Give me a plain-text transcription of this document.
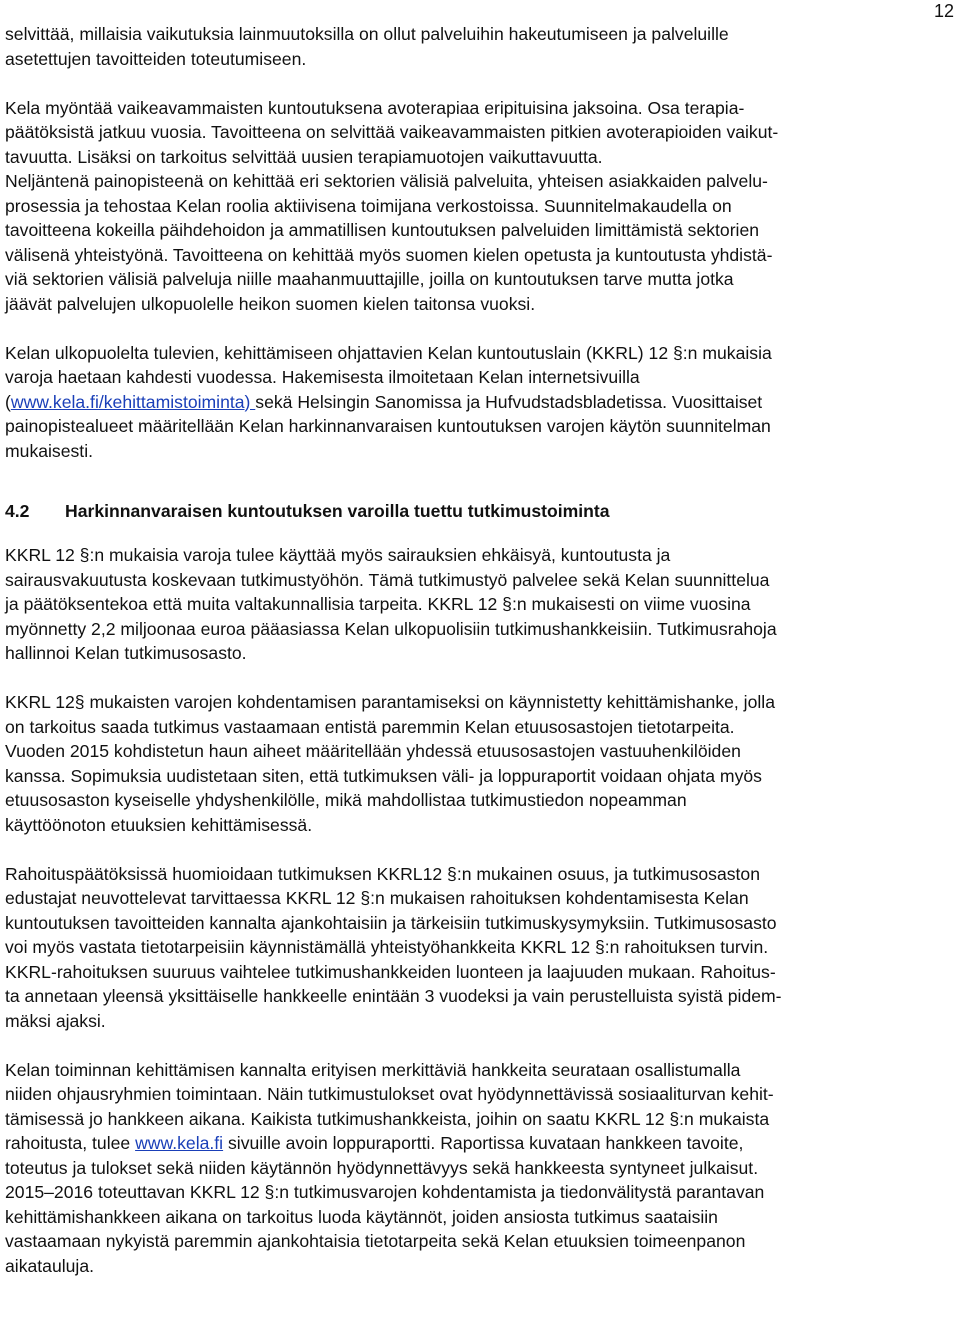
12

selvittää, millaisia vaikutuksia lainmuutoksilla on ollut palveluihin hakeutumiseen ja palveluille
asetettujen tavoitteiden toteutumiseen.

Kela myöntää vaikeavammaisten kuntoutuksena avoterapiaa eripituisina jaksoina. Osa terapia-
päätöksistä jatkuu vuosia. Tavoitteena on selvittää vaikeavammaisten pitkien avoterapioiden vaikut-
tavuutta. Lisäksi on tarkoitus selvittää uusien terapiamuotojen vaikuttavuutta.
Neljäntenä painopisteenä on kehittää eri sektorien välisiä palveluita, yhteisen asiakkaiden palvelu-
prosessia ja tehostaa Kelan roolia aktiivisena toimijana verkostoissa. Suunnitelmakaudella on
tavoitteena kokeilla päihdehoidon ja ammatillisen kuntoutuksen palveluiden limittämistä sektorien
välisenä yhteistyönä. Tavoitteena on kehittää myös suomen kielen opetusta ja kuntoutusta yhdistä-
viä sektorien välisiä palveluja niille maahanmuuttajille, joilla on kuntoutuksen tarve mutta jotka
jäävät palvelujen ulkopuolelle heikon suomen kielen taitonsa vuoksi.

Kelan ulkopuolelta tulevien, kehittämiseen ohjattavien Kelan kuntoutuslain (KKRL) 12 §:n mukaisia
varoja haetaan kahdesti vuodessa. Hakemisesta ilmoitetaan Kelan internetsivuilla
(www.kela.fi/kehittamistoiminta) sekä Helsingin Sanomissa ja Hufvudstadsbladetissa. Vuosittaiset
painopistealueet määritellään Kelan harkinnanvaraisen kuntoutuksen varojen käytön suunnitelman
mukaisesti.

4.2	Harkinnanvaraisen kuntoutuksen varoilla tuettu tutkimustoiminta

KKRL 12 §:n mukaisia varoja tulee käyttää myös sairauksien ehkäisyä, kuntoutusta ja
sairausvakuutusta koskevaan tutkimustyöhön. Tämä tutkimustyö palvelee sekä Kelan suunnittelua
ja päätöksentekoa että muita valtakunnallisia tarpeita. KKRL 12 §:n mukaisesti on viime vuosina
myönnetty 2,2 miljoonaa euroa pääasiassa Kelan ulkopuolisiin tutkimushankkeisiin. Tutkimusrahoja
hallinnoi Kelan tutkimusosasto.

KKRL 12§ mukaisten varojen kohdentamisen parantamiseksi on käynnistetty kehittämishanke, jolla
on tarkoitus saada tutkimus vastaamaan entistä paremmin Kelan etuusosastojen tietotarpeita.
Vuoden 2015 kohdistetun haun aiheet määritellään yhdessä etuusosastojen vastuuhenkilöiden
kanssa. Sopimuksia uudistetaan siten, että tutkimuksen väli- ja loppuraportit voidaan ohjata myös
etuusosaston kyseiselle yhdyshenkilölle, mikä mahdollistaa tutkimustiedon nopeamman
käyttöönoton etuuksien kehittämisessä.

Rahoituspäätöksissä huomioidaan tutkimuksen KKRL12 §:n mukainen osuus, ja tutkimusosaston
edustajat neuvottelevat tarvittaessa KKRL 12 §:n mukaisen rahoituksen kohdentamisesta Kelan
kuntoutuksen tavoitteiden kannalta ajankohtaisiin ja tärkeisiin tutkimuskysymyksiin. Tutkimusosasto
voi myös vastata tietotarpeisiin käynnistämällä yhteistyöhankkeita KKRL 12 §:n rahoituksen turvin.
KKRL-rahoituksen suuruus vaihtelee tutkimushankkeiden luonteen ja laajuuden mukaan. Rahoitus-
ta annetaan yleensä yksittäiselle hankkeelle enintään 3 vuodeksi ja vain perustelluista syistä pidem-
mäksi ajaksi.

Kelan toiminnan kehittämisen kannalta erityisen merkittäviä hankkeita seurataan osallistumalla
niiden ohjausryhmien toimintaan. Näin tutkimustulokset ovat hyödynnettävissä sosiaaliturvan kehit-
tämisessä jo hankkeen aikana. Kaikista tutkimushankkeista, joihin on saatu KKRL 12 §:n mukaista
rahoitusta, tulee www.kela.fi sivuille avoin loppuraportti. Raportissa kuvataan hankkeen tavoite,
toteutus ja tulokset sekä niiden käytännön hyödynnettävyys sekä hankkeesta syntyneet julkaisut.
2015–2016 toteuttavan KKRL 12 §:n tutkimusvarojen kohdentamista ja tiedonvälitystä parantavan
kehittämishankkeen aikana on tarkoitus luoda käytännöt, joiden ansiosta tutkimus saataisiin
vastaamaan nykyistä paremmin ajankohtaisia tietotarpeita sekä Kelan etuuksien toimeenpanon
aikatauluja.
